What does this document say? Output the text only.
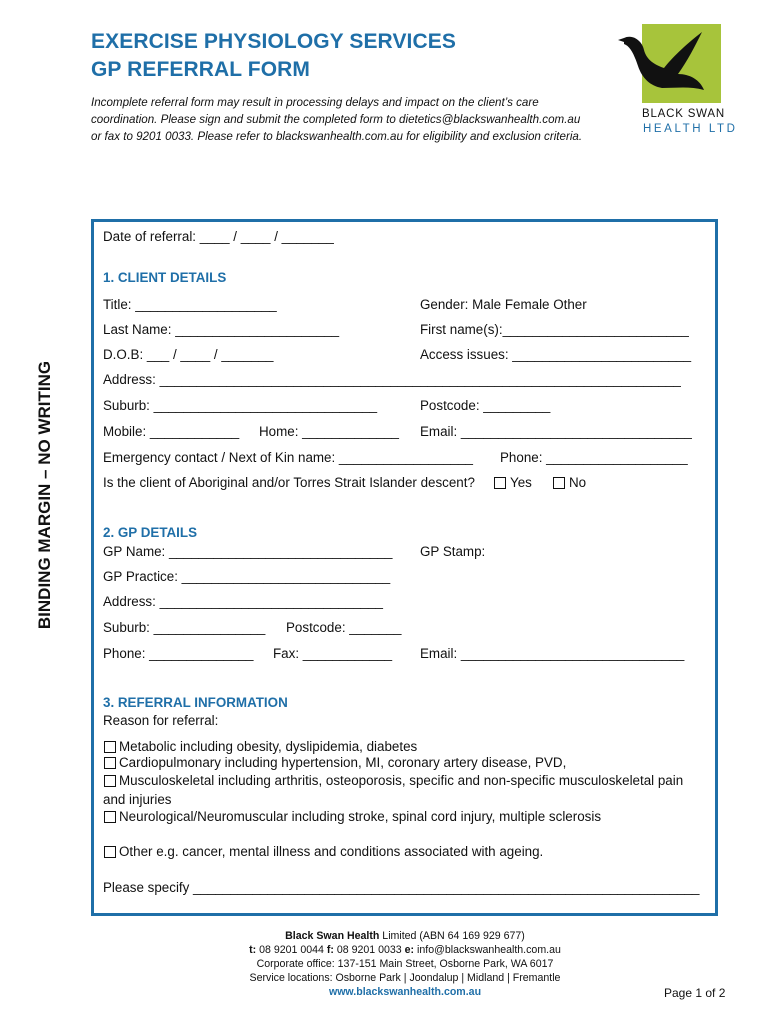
EXERCISE PHYSIOLOGY SERVICES
GP REFERRAL FORM
Incomplete referral form may result in processing delays and impact on the client’s care
coordination. Please sign and submit the completed form to dietetics@blackswanhealth.com.au
or fax to 9201 0033. Please refer to blackswanhealth.com.au for eligibility and exclusion criteria.
BLACK SWAN
HEALTH LTD
BINDING MARGIN – NO WRITING
Date of referral: ____ / ____ / _______
1. CLIENT DETAILS
Title: ___________________	Gender: Male Female Other
Last Name: ______________________	First name(s):_________________________
D.O.B: ___ / ____ / _______	Access issues: ________________________
Address: ______________________________________________________________________
Suburb: ______________________________	Postcode: _________
Mobile: ____________ Home: _____________ Email: _______________________________
Emergency contact / Next of Kin name: __________________ Phone: ___________________
Is the client of Aboriginal and/or Torres Strait Islander descent?	Yes	No
2. GP DETAILS
GP Name: ______________________________ GP Stamp:
GP Practice: ____________________________
Address: ______________________________
Suburb: _______________ Postcode: _______
Phone: ______________ Fax: ____________ Email: ______________________________
3. REFERRAL INFORMATION
Reason for referral:
Metabolic including obesity, dyslipidemia, diabetes
Cardiopulmonary including hypertension, MI, coronary artery disease, PVD,
Musculoskeletal including arthritis, osteoporosis, specific and non-specific musculoskeletal pain
and injuries
Neurological/Neuromuscular including stroke, spinal cord injury, multiple sclerosis
Other e.g. cancer, mental illness and conditions associated with ageing.
Please specify ____________________________________________________________________
Black Swan Health Limited (ABN 64 169 929 677)
t: 08 9201 0044 f: 08 9201 0033 e: info@blackswanhealth.com.au
Corporate office: 137-151 Main Street, Osborne Park, WA 6017
Service locations: Osborne Park | Joondalup | Midland | Fremantle
www.blackswanhealth.com.au	Page 1 of 2
